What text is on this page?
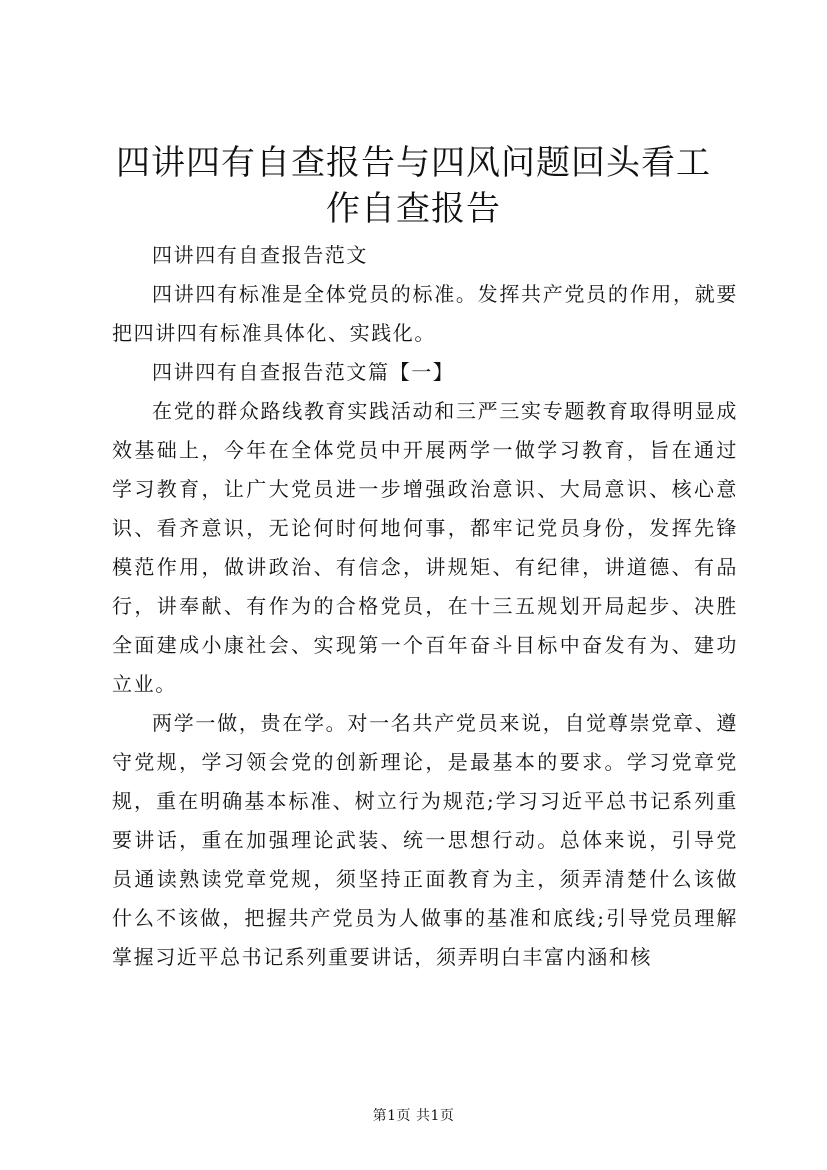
四讲四有自查报告与四风问题回头看工作自查报告

四讲四有自查报告范文

四讲四有标准是全体党员的标准。发挥共产党员的作用，就要把四讲四有标准具体化、实践化。

四讲四有自查报告范文篇【一】

在党的群众路线教育实践活动和三严三实专题教育取得明显成效基础上，今年在全体党员中开展两学一做学习教育，旨在通过学习教育，让广大党员进一步增强政治意识、大局意识、核心意识、看齐意识，无论何时何地何事，都牢记党员身份，发挥先锋模范作用，做讲政治、有信念，讲规矩、有纪律，讲道德、有品行，讲奉献、有作为的合格党员，在十三五规划开局起步、决胜全面建成小康社会、实现第一个百年奋斗目标中奋发有为、建功立业。

两学一做，贵在学。对一名共产党员来说，自觉尊崇党章、遵守党规，学习领会党的创新理论，是最基本的要求。学习党章党规，重在明确基本标准、树立行为规范;学习习近平总书记系列重要讲话，重在加强理论武装、统一思想行动。总体来说，引导党员通读熟读党章党规，须坚持正面教育为主，须弄清楚什么该做什么不该做，把握共产党员为人做事的基准和底线;引导党员理解掌握习近平总书记系列重要讲话，须弄明白丰富内涵和核

第1页 共1页
